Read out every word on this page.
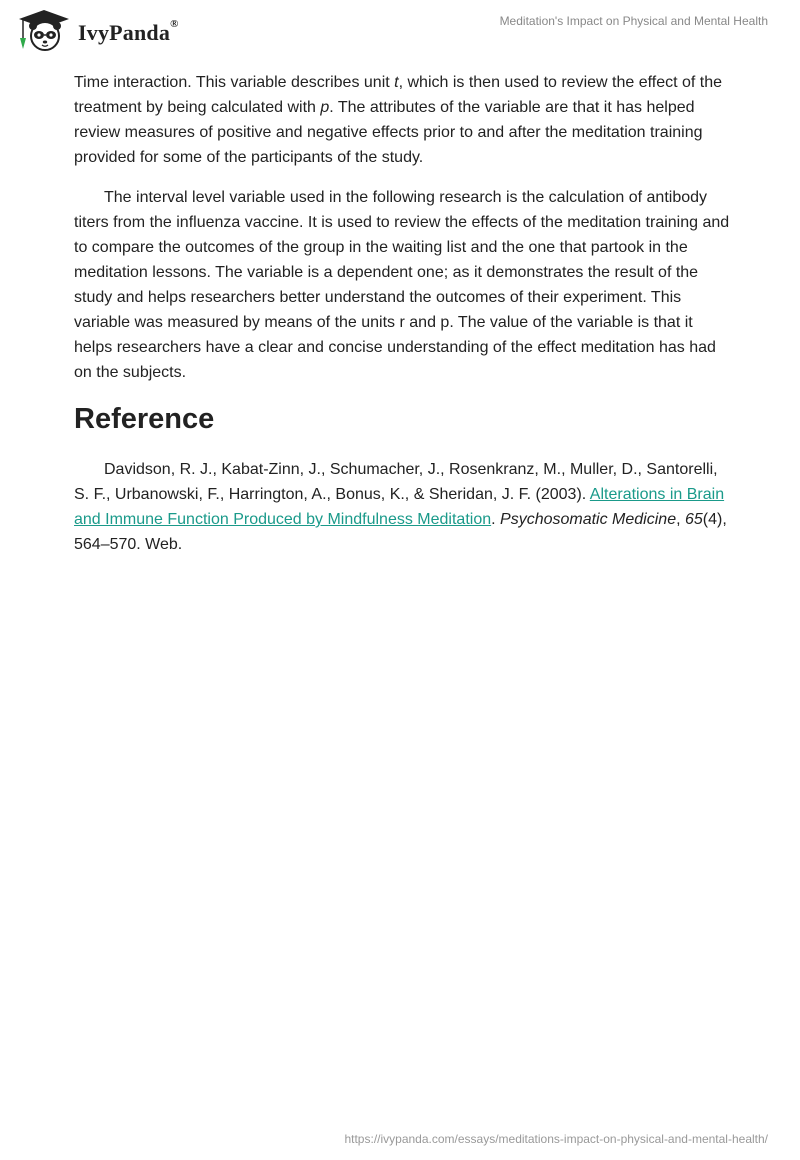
IvyPanda®	Meditation's Impact on Physical and Mental Health

Time interaction. This variable describes unit t, which is then used to review the effect of the treatment by being calculated with p. The attributes of the variable are that it has helped review measures of positive and negative effects prior to and after the meditation training provided for some of the participants of the study.

The interval level variable used in the following research is the calculation of antibody titers from the influenza vaccine. It is used to review the effects of the meditation training and to compare the outcomes of the group in the waiting list and the one that partook in the meditation lessons. The variable is a dependent one; as it demonstrates the result of the study and helps researchers better understand the outcomes of their experiment. This variable was measured by means of the units r and p. The value of the variable is that it helps researchers have a clear and concise understanding of the effect meditation has had on the subjects.

Reference

Davidson, R. J., Kabat-Zinn, J., Schumacher, J., Rosenkranz, M., Muller, D., Santorelli, S. F., Urbanowski, F., Harrington, A., Bonus, K., & Sheridan, J. F. (2003). Alterations in Brain and Immune Function Produced by Mindfulness Meditation. Psychosomatic Medicine, 65(4), 564–570. Web.

https://ivypanda.com/essays/meditations-impact-on-physical-and-mental-health/
